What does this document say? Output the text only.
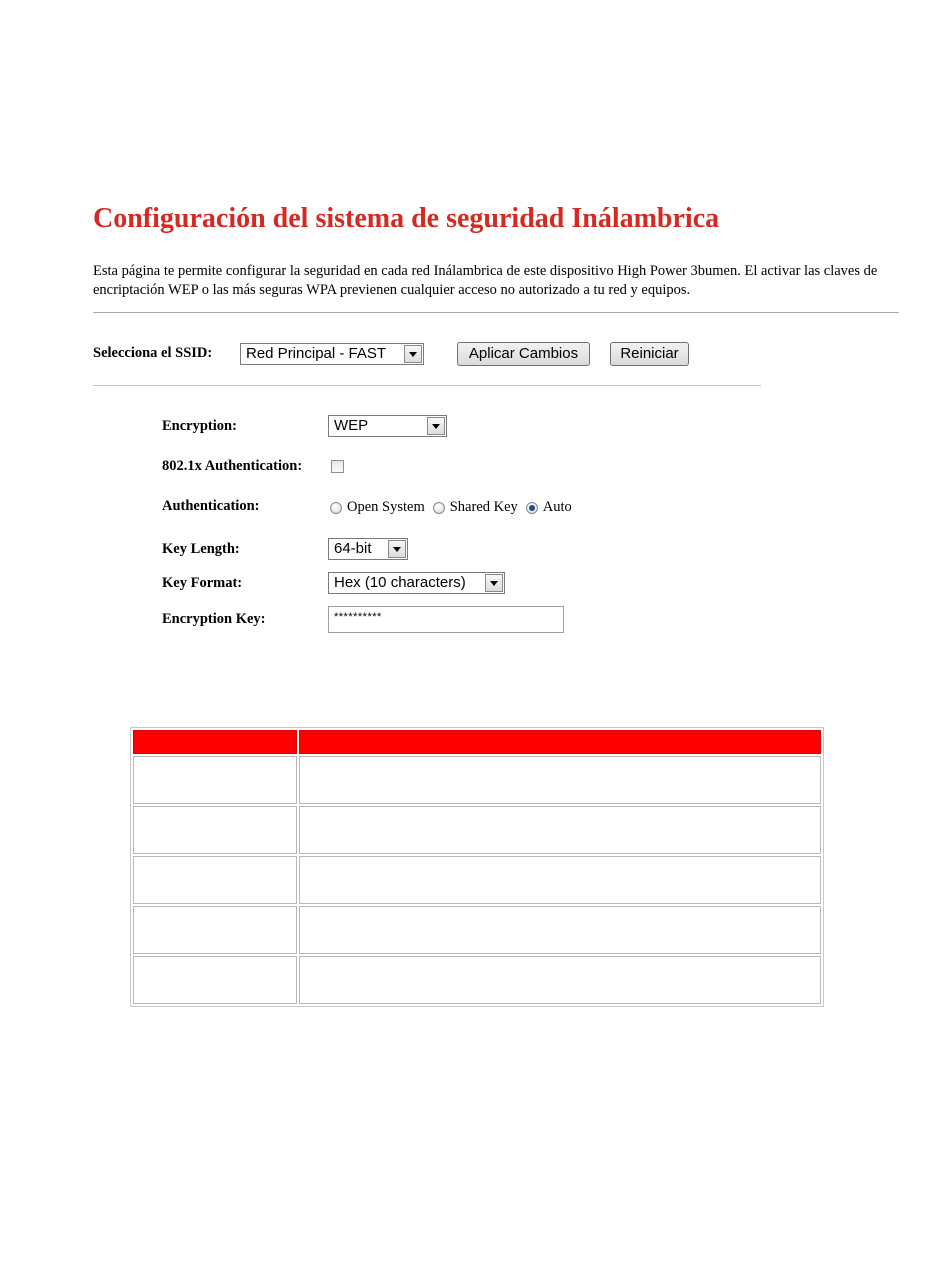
Configuración del sistema de seguridad Inálambrica

Esta página te permite configurar la seguridad en cada red Inálambrica de este dispositivo High Power 3bumen. El activar las claves de encriptación WEP o las más seguras WPA previenen cualquier acceso no autorizado a tu red y equipos.

Selecciona el SSID:	Red Principal - FAST	Aplicar Cambios	Reiniciar
Encryption:	WEP
802.1x Authentication:
Authentication:	Open System Shared Key Auto
Key Length:	64-bit
Key Format:	Hex (10 characters)
Encryption Key:	**********
